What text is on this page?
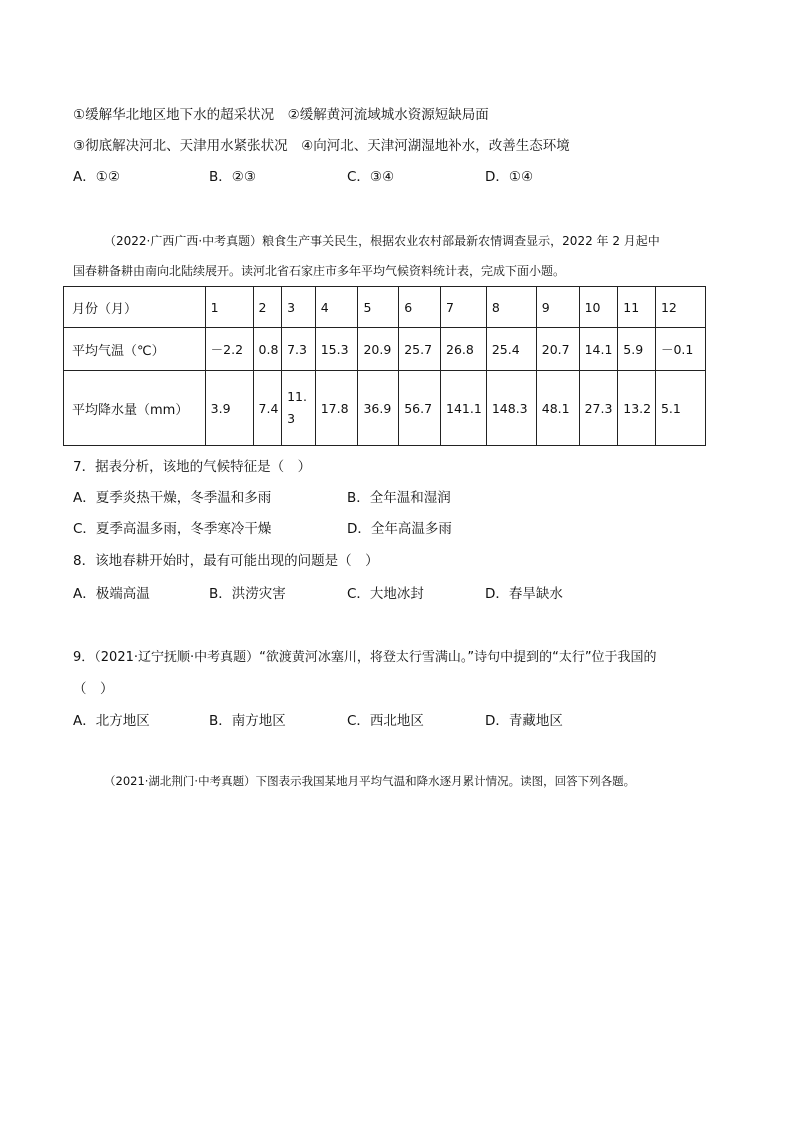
①缓解华北地区地下水的超采状况　②缓解黄河流域城水资源短缺局面
③彻底解决河北、天津用水紧张状况　④向河北、天津河湖湿地补水，改善生态环境
A．①②	B．②③	C．③④	D．①④
（2022·广西广西·中考真题）粮食生产事关民生，根据农业农村部最新农情调查显示，2022 年 2 月起中
国春耕备耕由南向北陆续展开。读河北省石家庄市多年平均气候资料统计表，完成下面小题。
月份（月）	1	2	3	4	5	6	7	8	9	10	11	12
平均气温（℃）	－2.2	0.8	7.3	15.3	20.9	25.7	26.8	25.4	20.7	14.1	5.9	－0.1
平均降水量（mm）	3.9	7.4	11.3	17.8	36.9	56.7	141.1	148.3	48.1	27.3	13.2	5.1
7．据表分析，该地的气候特征是（　）
A．夏季炎热干燥，冬季温和多雨	B．全年温和湿润
C．夏季高温多雨，冬季寒冷干燥	D．全年高温多雨
8．该地春耕开始时，最有可能出现的问题是（　）
A．极端高温	B．洪涝灾害	C．大地冰封	D．春旱缺水
9．（2021·辽宁抚顺·中考真题）“欲渡黄河冰塞川，将登太行雪满山。”诗句中提到的“太行”位于我国的
（　）
A．北方地区	B．南方地区	C．西北地区	D．青藏地区
（2021·湖北荆门·中考真题）下图表示我国某地月平均气温和降水逐月累计情况。读图，回答下列各题。
